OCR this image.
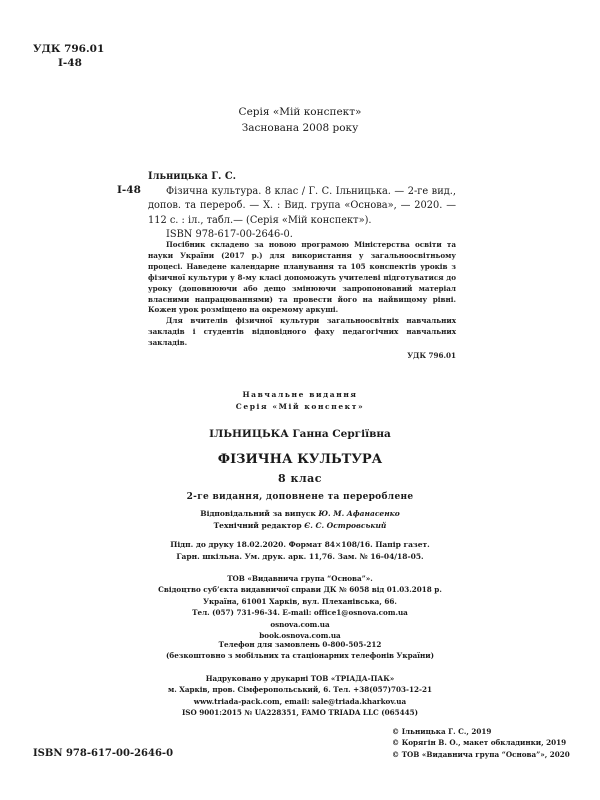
УДК 796.01
І-48
Серія «Мій конспект»
Заснована 2008 року
І-48
Ільницька Г. С.
Фізична культура. 8 клас / Г. С. Ільницька. — 2-ге вид., допов. та перероб. — Х. : Вид. група «Основа», — 2020. — 112 с. : іл., табл.— (Серія «Мій конспект»).
ISBN 978-617-00-2646-0.

Посібник складено за новою програмою Міністерства освіти та науки України (2017 р.) для використання у загальноосвітньому процесі. Наведене календарне планування та 105 конспектів уроків з фізичної культури у 8-му класі допоможуть учителеві підготуватися до уроку (доповнюючи або дещо змінюючи запропонований матеріал власними напрацюваннями) та провести його на найвищому рівні. Кожен урок розміщено на окремому аркуші.

Для вчителів фізичної культури загальноосвітніх навчальних закладів і студентів відповідного фаху педагогічних навчальних закладів.

УДК 796.01

Навчальне видання
Серія «Мій конспект»
ІЛЬНИЦЬКА Ганна Сергіївна
ФІЗИЧНА КУЛЬТУРА
8 клас
2-ге видання, доповнене та перероблене
Відповідальний за випуск Ю. М. Афанасенко
Технічний редактор Є. С. Островський
Підп. до друку 18.02.2020. Формат 84×108/16. Папір газет.
Гарн. шкільна. Ум. друк. арк. 11,76. Зам. № 16-04/18-05.
ТОВ «Видавнича група “Основа”».
Свідоцтво суб’єкта видавничої справи ДК № 6058 від 01.03.2018 р.
Україна, 61001 Харків, вул. Плеханівська, 66.
Тел. (057) 731-96-34. E-mail: office1@osnova.com.ua
osnova.com.ua
book.osnova.com.ua
Телефон для замовлень 0-800-505-212
(безкоштовно з мобільних та стаціонарних телефонів України)
Надруковано у друкарні ТОВ «ТРІАДА-ПАК»
м. Харків, пров. Сімферопольський, 6. Тел. +38(057)703-12-21
www.triada-pack.com, email: sale@triada.kharkov.ua
ISO 9001:2015 № UA228351, FAMO TRIADA LLC (065445)
© Ільницька Г. С., 2019
© Корягін В. О., макет обкладинки, 2019
© ТОВ «Видавнича група “Основа”», 2020
ISBN 978-617-00-2646-0
